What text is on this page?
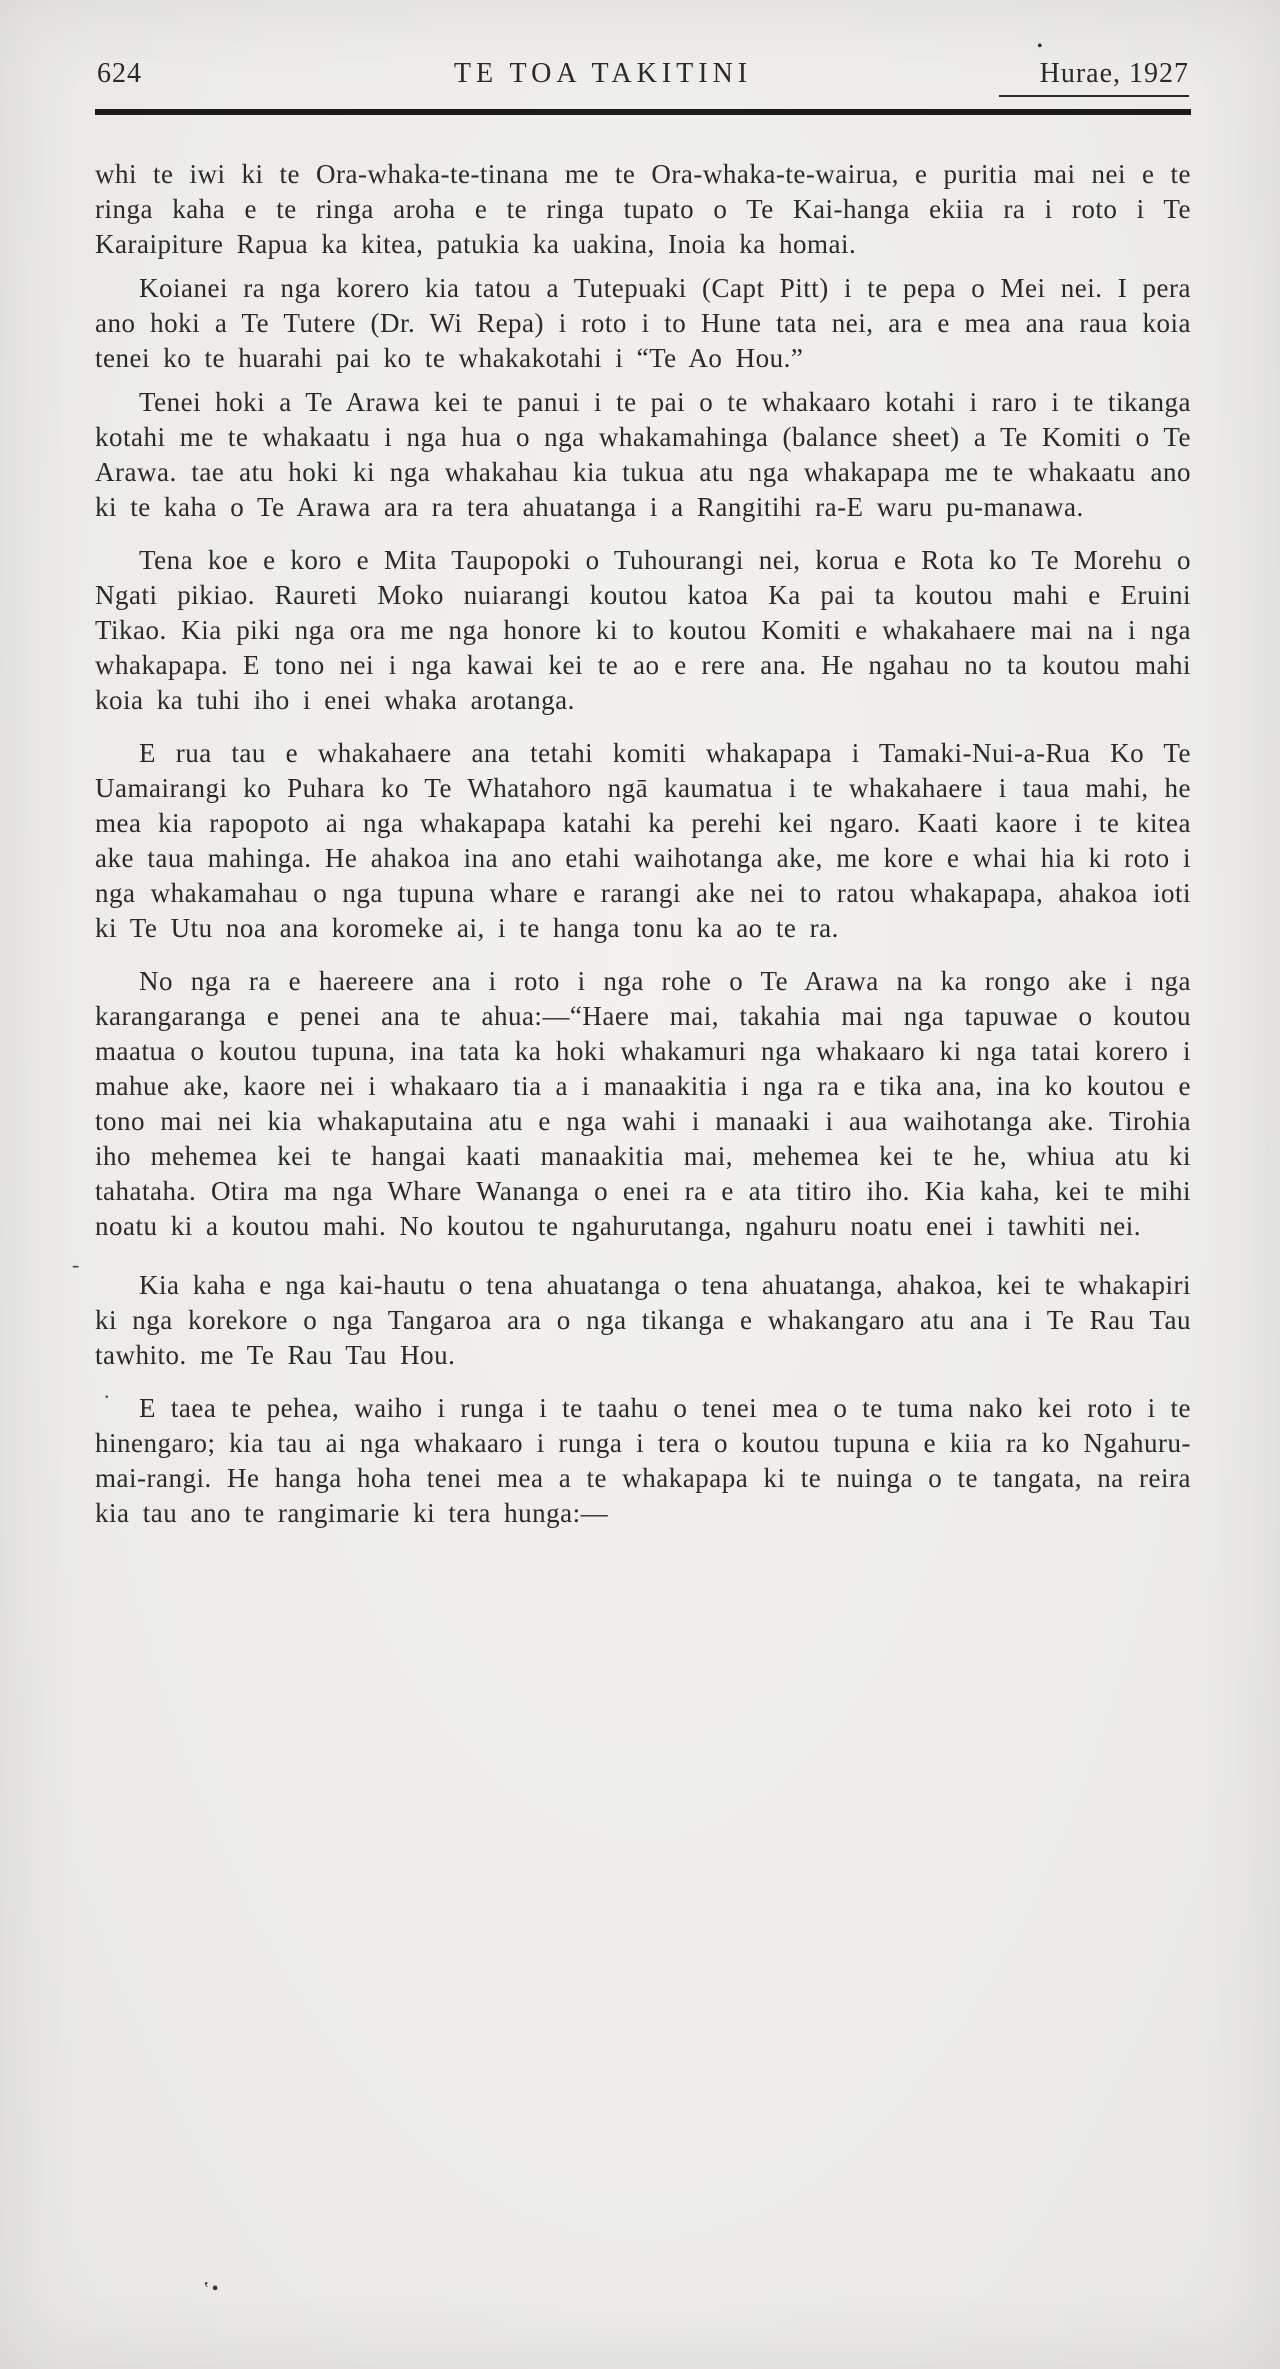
624	TE TOA TAKITINI
•
Hurae, 1927

whi te iwi ki te Ora-whaka-te-tinana me te Ora-whaka-te-wairua, e puritia mai nei e te ringa kaha e te ringa aroha e te ringa tupato o Te Kai-hanga ekiia ra i roto i Te Karaipiture Rapua ka kitea, patukia ka uakina, Inoia ka homai.

Koianei ra nga korero kia tatou a Tutepuaki (Capt Pitt) i te pepa o Mei nei. I pera ano hoki a Te Tutere (Dr. Wi Repa) i roto i to Hune tata nei, ara e mea ana raua koia tenei ko te huarahi pai ko te whakakotahi i “Te Ao Hou.”

Tenei hoki a Te Arawa kei te panui i te pai o te whakaaro kotahi i raro i te tikanga kotahi me te whakaatu i nga hua o nga whakamahinga (balance sheet) a Te Komiti o Te Arawa. tae atu hoki ki nga whakahau kia tukua atu nga whakapapa me te whakaatu ano ki te kaha o Te Arawa ara ra tera ahuatanga i a Rangitihi ra-E waru pu-manawa.

Tena koe e koro e Mita Taupopoki o Tuhourangi nei, korua e Rota ko Te Morehu o Ngati pikiao. Raureti Moko nuiarangi koutou katoa Ka pai ta koutou mahi e Eruini Tikao. Kia piki nga ora me nga honore ki to koutou Komiti e whakahaere mai na i nga whakapapa. E tono nei i nga kawai kei te ao e rere ana. He ngahau no ta koutou mahi koia ka tuhi iho i enei whaka arotanga.

E rua tau e whakahaere ana tetahi komiti whakapapa i Tamaki-Nui-a-Rua Ko Te Uamairangi ko Puhara ko Te Whatahoro ngā kaumatua i te whakahaere i taua mahi, he mea kia rapopoto ai nga whakapapa katahi ka perehi kei ngaro. Kaati kaore i te kitea ake taua mahinga. He ahakoa ina ano etahi waihotanga ake, me kore e whai hia ki roto i nga whakamahau o nga tupuna whare e rarangi ake nei to ratou whakapapa, ahakoa ioti ki Te Utu noa ana koromeke ai, i te hanga tonu ka ao te ra.

No nga ra e haereere ana i roto i nga rohe o Te Arawa na ka rongo ake i nga karangaranga e penei ana te ahua:—“Haere mai, takahia mai nga tapuwae o koutou maatua o koutou tupuna, ina tata ka hoki whakamuri nga whakaaro ki nga tatai korero i mahue ake, kaore nei i whakaaro tia a i manaakitia i nga ra e tika ana, ina ko koutou e tono mai nei kia whakaputaina atu e nga wahi i manaaki i aua waihotanga ake. Tirohia iho mehemea kei te hangai kaati manaakitia mai, mehemea kei te he, whiua atu ki tahataha. Otira ma nga Whare Wananga o enei ra e ata titiro iho. Kia kaha, kei te mihi noatu ki a koutou mahi. No koutou te ngahurutanga, ngahuru noatu enei i tawhiti nei.

Kia kaha e nga kai-hautu o tena ahuatanga o tena ahuatanga, ahakoa, kei te whakapiri ki nga korekore o nga Tangaroa ara o nga tikanga e whakangaro atu ana i Te Rau Tau tawhito. me Te Rau Tau Hou.

E taea te pehea, waiho i runga i te taahu o tenei mea o te tuma nako kei roto i te hinengaro; kia tau ai nga whakaaro i runga i tera o koutou tupuna e kiia ra ko Ngahuru-mai-rangi. He hanga hoha tenei mea a te whakapapa ki te nuinga o te tangata, na reira kia tau ano te rangimarie ki tera hunga:—

-
.
‛•
